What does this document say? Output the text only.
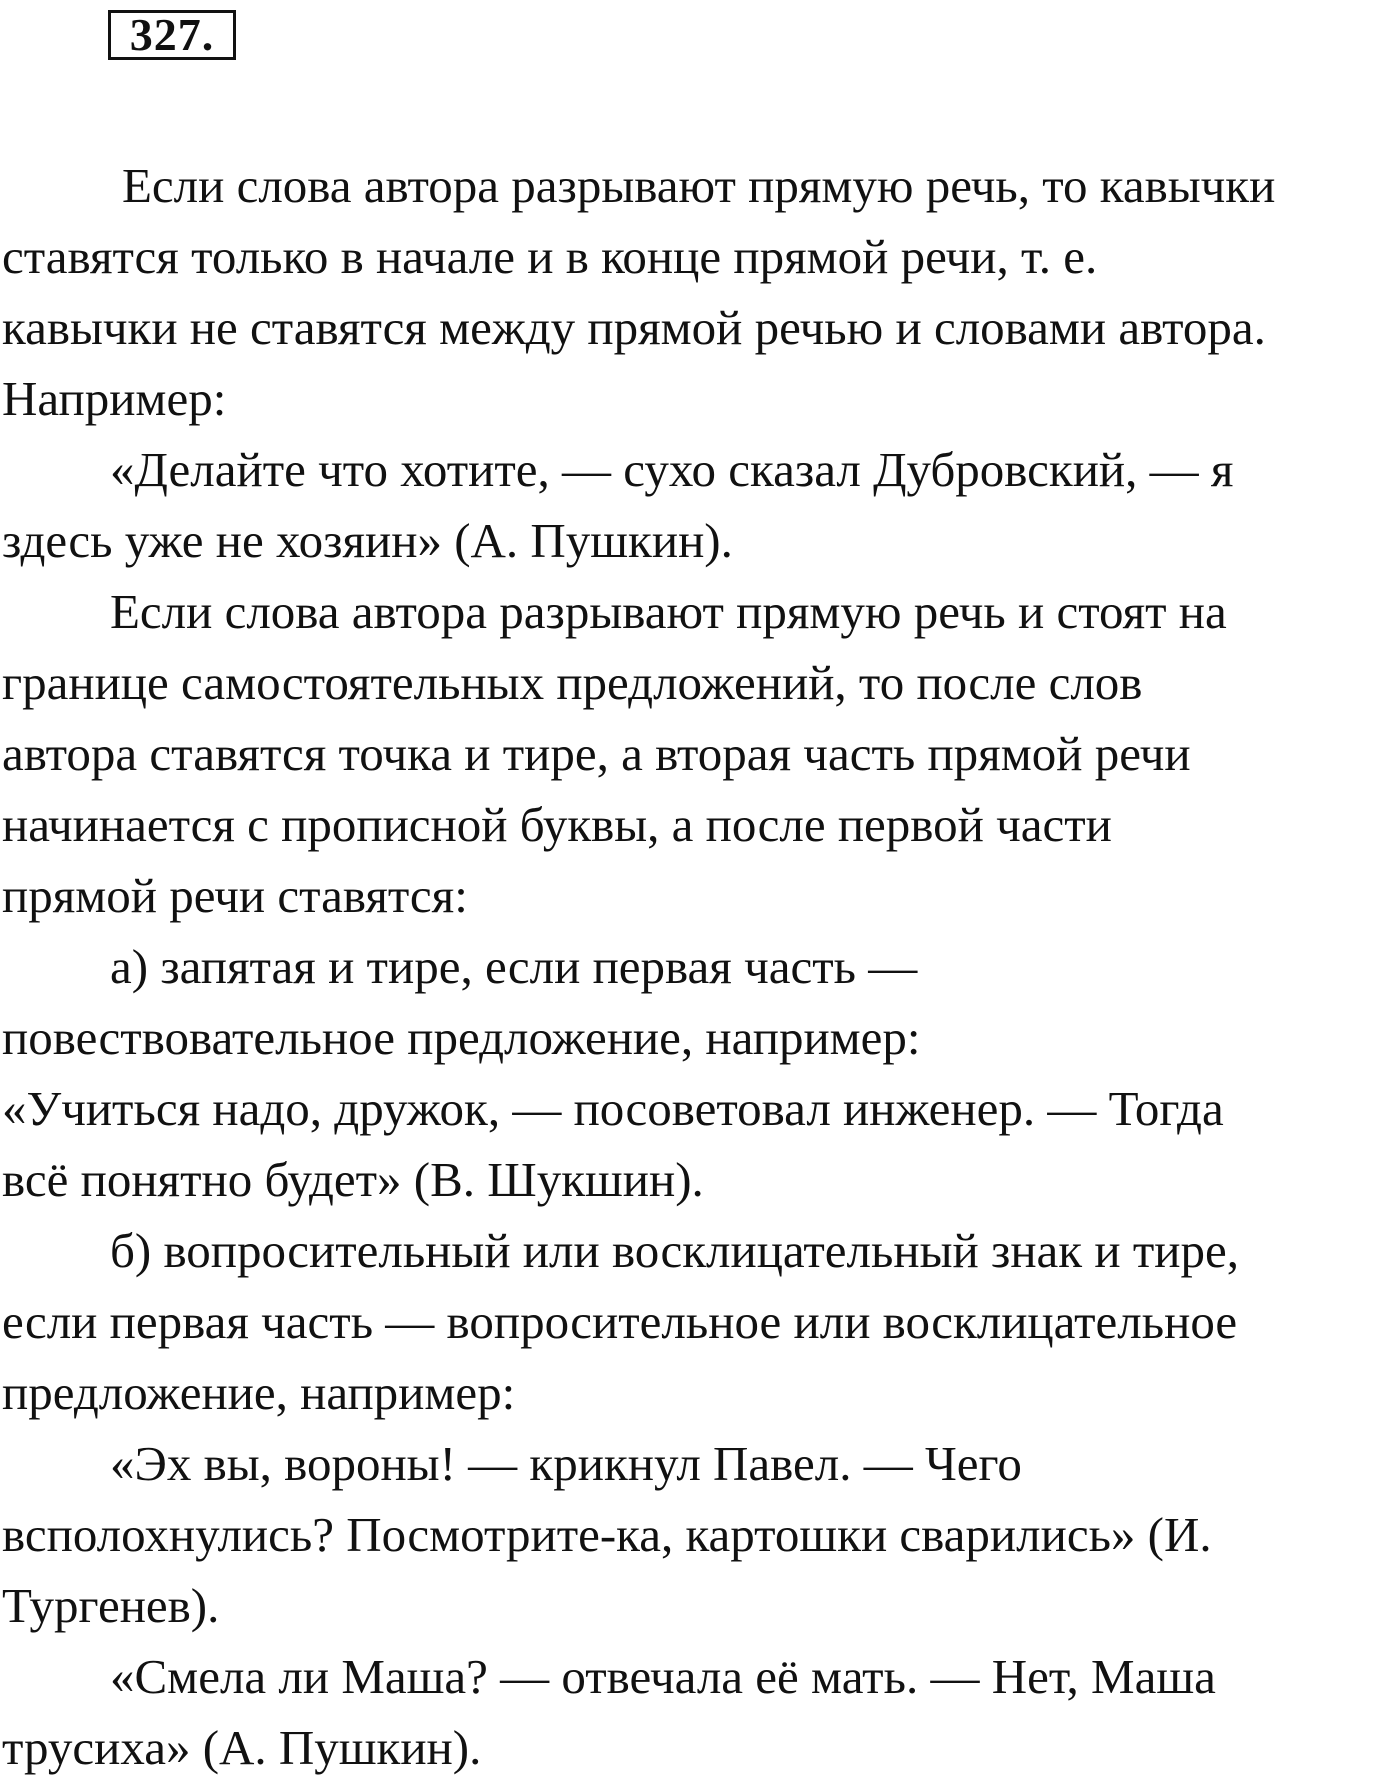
327.

Если слова автора разрывают прямую речь, то кавычки

ставятся только в начале и в конце прямой речи, т. е.

кавычки не ставятся между прямой речью и словами автора.

Например:

«Делайте что хотите, — сухо сказал Дубровский, — я

здесь уже не хозяин» (А. Пушкин).

Если слова автора разрывают прямую речь и стоят на

границе самостоятельных предложений, то после слов

автора ставятся точка и тире, а вторая часть прямой речи

начинается с прописной буквы, а после первой части

прямой речи ставятся:

а) запятая и тире, если первая часть —

повествовательное предложение, например:

«Учиться надо, дружок, — посоветовал инженер. — Тогда

всё понятно будет» (В. Шукшин).

б) вопросительный или восклицательный знак и тире,

если первая часть — вопросительное или восклицательное

предложение, например:

«Эх вы, вороны! — крикнул Павел. — Чего

всполохнулись? Посмотрите-ка, картошки сварились» (И.

Тургенев).

«Смела ли Маша? — отвечала её мать. — Нет, Маша

трусиха» (А. Пушкин).
